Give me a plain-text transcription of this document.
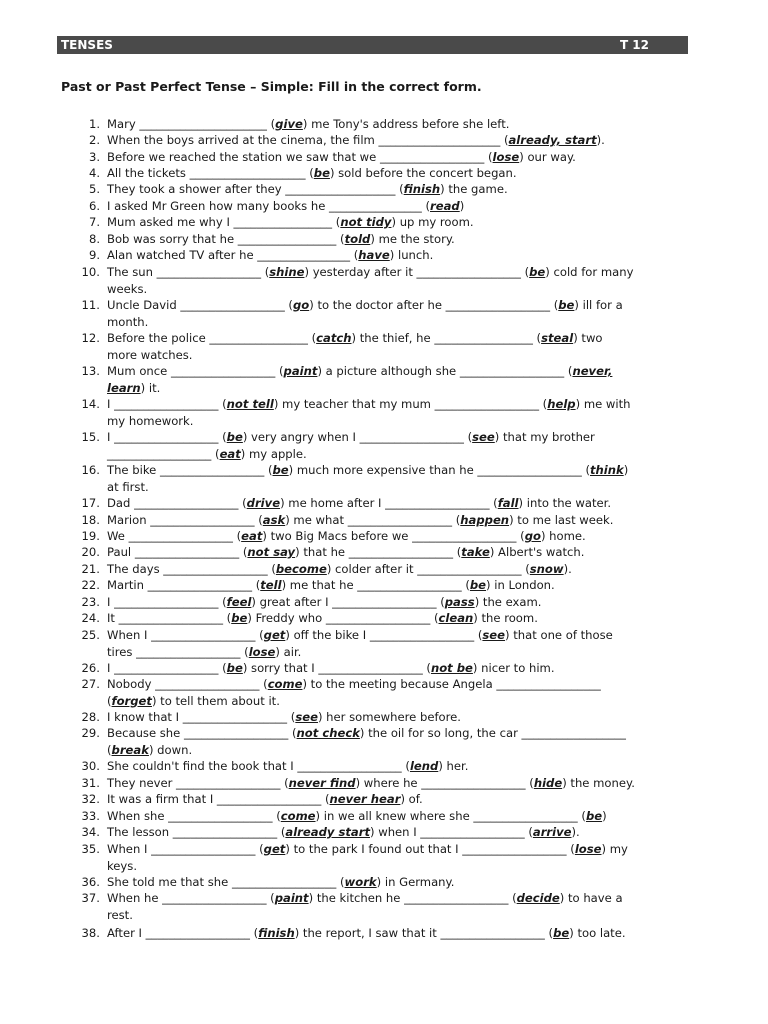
TENSES	T 12
Past or Past Perfect Tense – Simple: Fill in the correct form.
1. Mary ______________________ (give) me Tony's address before she left.
2. When the boys arrived at the cinema, the film _____________________ (already, start).
3. Before we reached the station we saw that we __________________ (lose) our way.
4. All the tickets ____________________ (be) sold before the concert began.
5. They took a shower after they ___________________ (finish) the game.
6. I asked Mr Green how many books he ________________ (read)
7. Mum asked me why I _________________ (not tidy) up my room.
8. Bob was sorry that he _________________ (told) me the story.
9. Alan watched TV after he ________________ (have) lunch.
10. The sun __________________ (shine) yesterday after it __________________ (be) cold for many
weeks.
11. Uncle David __________________ (go) to the doctor after he __________________ (be) ill for a
month.
12. Before the police _________________ (catch) the thief, he _________________ (steal) two
more watches.
13. Mum once __________________ (paint) a picture although she __________________ (never,
learn) it.
14. I __________________ (not tell) my teacher that my mum __________________ (help) me with
my homework.
15. I __________________ (be) very angry when I __________________ (see) that my brother
__________________ (eat) my apple.
16. The bike __________________ (be) much more expensive than he __________________ (think)
at first.
17. Dad __________________ (drive) me home after I __________________ (fall) into the water.
18. Marion __________________ (ask) me what __________________ (happen) to me last week.
19. We __________________ (eat) two Big Macs before we __________________ (go) home.
20. Paul __________________ (not say) that he __________________ (take) Albert's watch.
21. The days __________________ (become) colder after it __________________ (snow).
22. Martin __________________ (tell) me that he __________________ (be) in London.
23. I __________________ (feel) great after I __________________ (pass) the exam.
24. It __________________ (be) Freddy who __________________ (clean) the room.
25. When I __________________ (get) off the bike I __________________ (see) that one of those
tires __________________ (lose) air.
26. I __________________ (be) sorry that I __________________ (not be) nicer to him.
27. Nobody __________________ (come) to the meeting because Angela __________________
(forget) to tell them about it.
28. I know that I __________________ (see) her somewhere before.
29. Because she __________________ (not check) the oil for so long, the car __________________
(break) down.
30. She couldn't find the book that I __________________ (lend) her.
31. They never __________________ (never find) where he __________________ (hide) the money.
32. It was a firm that I __________________ (never hear) of.
33. When she __________________ (come) in we all knew where she __________________ (be)
34. The lesson __________________ (already start) when I __________________ (arrive).
35. When I __________________ (get) to the park I found out that I __________________ (lose) my
keys.
36. She told me that she __________________ (work) in Germany.
37. When he __________________ (paint) the kitchen he __________________ (decide) to have a
rest.
38. After I __________________ (finish) the report, I saw that it __________________ (be) too late.
